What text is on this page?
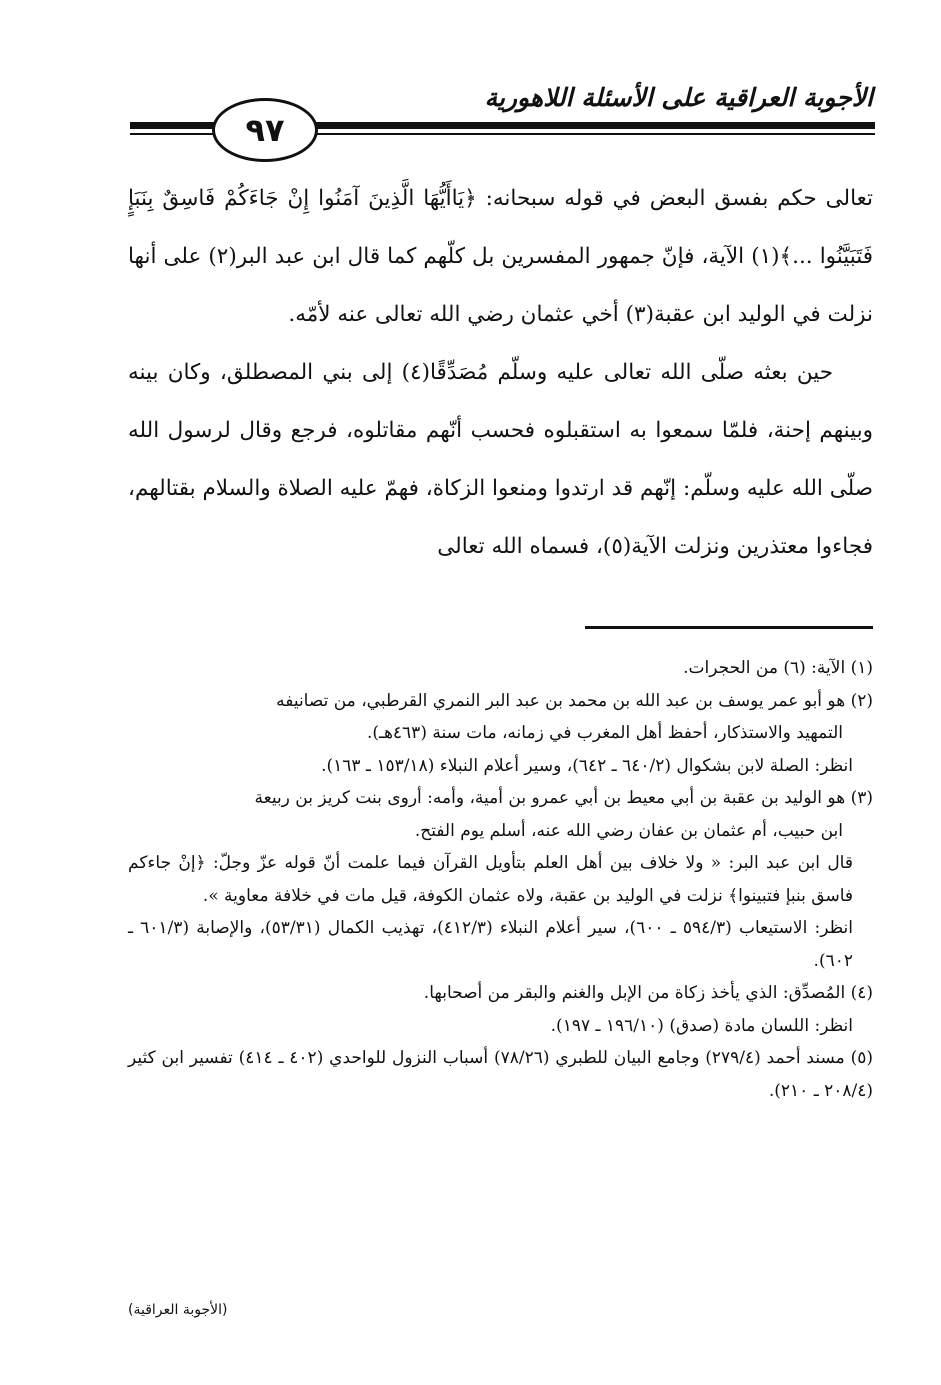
الأجوبة العراقية على الأسئلة اللاهورية
٩٧

تعالى حكم بفسق البعض في قوله سبحانه: ﴿يَاأَيُّهَا الَّذِينَ آمَنُوا إِنْ جَاءَكُمْ فَاسِقٌ بِنَبَإٍ فَتَبَيَّنُوا ...﴾(١) الآية، فإنّ جمهور المفسرين بل كلّهم كما قال ابن عبد البر(٢) على أنها نزلت في الوليد ابن عقبة(٣) أخي عثمان رضي الله تعالى عنه لأمّه.

حين بعثه صلّى الله تعالى عليه وسلّم مُصَدِّقًا(٤) إلى بني المصطلق، وكان بينه وبينهم إحنة، فلمّا سمعوا به استقبلوه فحسب أنّهم مقاتلوه، فرجع وقال لرسول الله صلّى الله عليه وسلّم: إنّهم قد ارتدوا ومنعوا الزكاة، فهمّ عليه الصلاة والسلام بقتالهم، فجاءوا معتذرين ونزلت الآية(٥)، فسماه الله تعالى

(١) الآية: (٦) من الحجرات.

(٢) هو أبو عمر يوسف بن عبد الله بن محمد بن عبد البر النمري القرطبي، من تصانيفه

التمهيد والاستذكار، أحفظ أهل المغرب في زمانه، مات سنة (٤٦٣هـ).

انظر: الصلة لابن بشكوال (٦٤٠/٢ ـ ٦٤٢)، وسير أعلام النبلاء (١٥٣/١٨ ـ ١٦٣).

(٣) هو الوليد بن عقبة بن أبي معيط بن أبي عمرو بن أمية، وأمه: أروى بنت كريز بن ربيعة

ابن حبيب، أم عثمان بن عفان رضي الله عنه، أسلم يوم الفتح.

قال ابن عبد البر: « ولا خلاف بين أهل العلم بتأويل القرآن فيما علمت أنّ قوله عزّ وجلّ: ﴿إنْ جاءكم فاسق بنبإ فتبينوا﴾ نزلت في الوليد بن عقبة، ولاه عثمان الكوفة، قيل مات في خلافة معاوية ».

انظر: الاستيعاب (٥٩٤/٣ ـ ٦٠٠)، سير أعلام النبلاء (٤١٢/٣)، تهذيب الكمال (٥٣/٣١)، والإصابة (٦٠١/٣ ـ ٦٠٢).

(٤) المُصدِّق: الذي يأخذ زكاة من الإبل والغنم والبقر من أصحابها.

انظر: اللسان مادة (صدق) (١٩٦/١٠ ـ ١٩٧).

(٥) مسند أحمد (٢٧٩/٤) وجامع البيان للطبري (٧٨/٢٦) أسباب النزول للواحدي (٤٠٢ ـ ٤١٤) تفسير ابن كثير (٢٠٨/٤ ـ ٢١٠).

(الأجوبة العراقية)
